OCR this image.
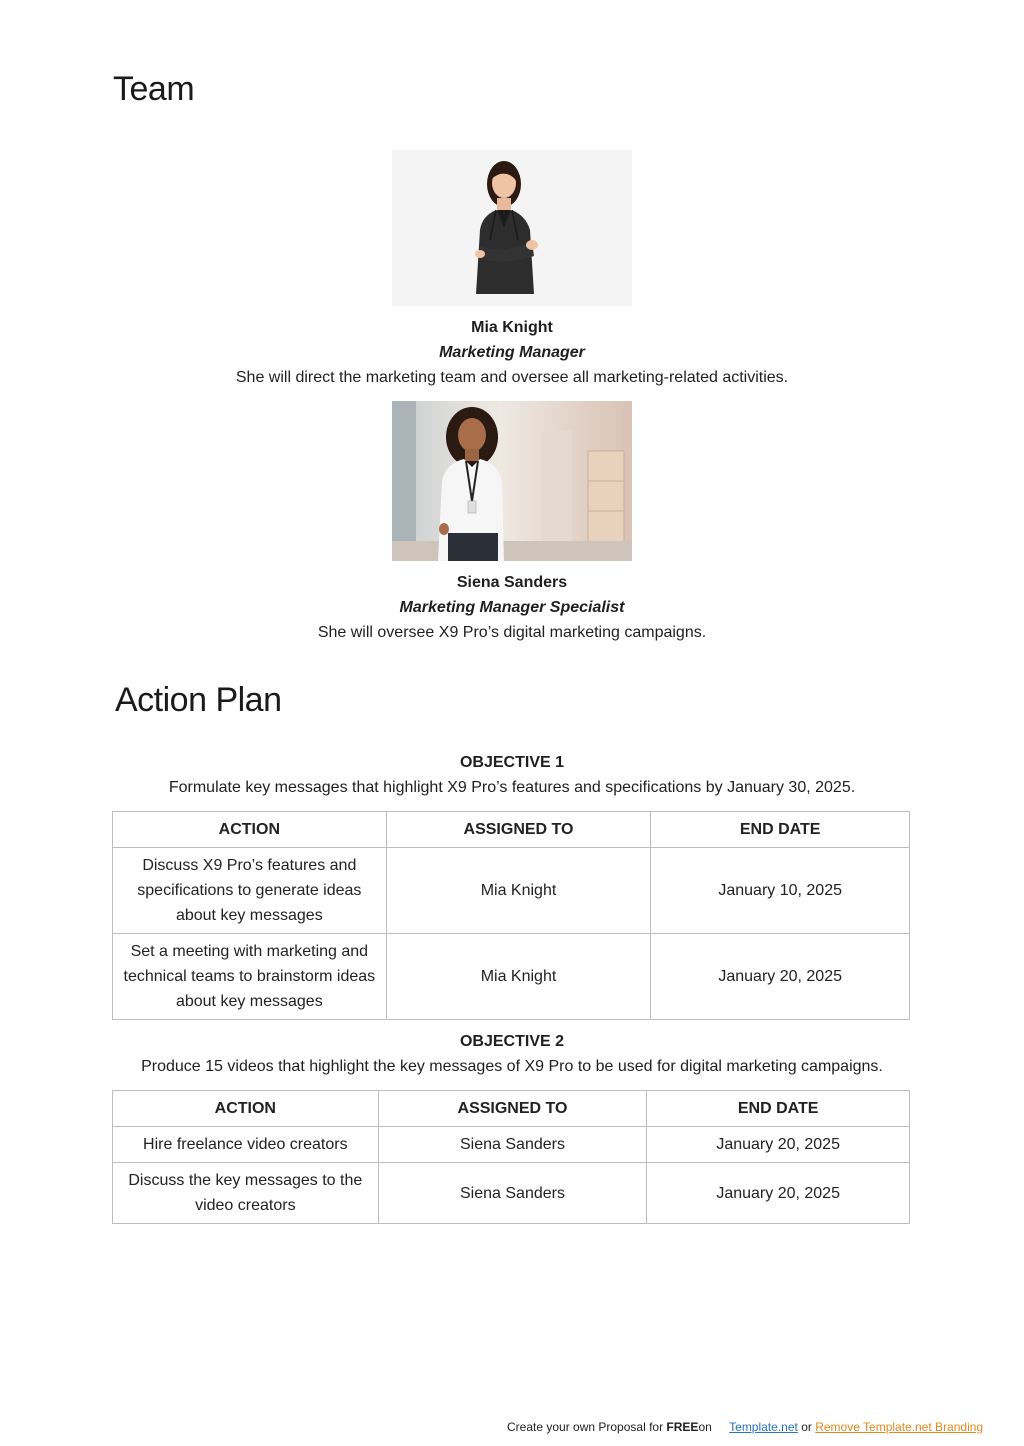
Team

Mia Knight

Marketing Manager

She will direct the marketing team and oversee all marketing-related activities.

Siena Sanders

Marketing Manager Specialist

She will oversee X9 Pro’s digital marketing campaigns.

Action Plan

OBJECTIVE 1

Formulate key messages that highlight X9 Pro’s features and specifications by January 30, 2025.

ACTION	ASSIGNED TO	END DATE
Discuss X9 Pro’s features and specifications to generate ideas about key messages	Mia Knight	January 10, 2025
Set a meeting with marketing and technical teams to brainstorm ideas about key messages	Mia Knight	January 20, 2025

OBJECTIVE 2

Produce 15 videos that highlight the key messages of X9 Pro to be used for digital marketing campaigns.

ACTION	ASSIGNED TO	END DATE
Hire freelance video creators	Siena Sanders	January 20, 2025
Discuss the key messages to the video creators	Siena Sanders	January 20, 2025
Create your own Proposal for FREEon Template.net or Remove Template.net Branding
